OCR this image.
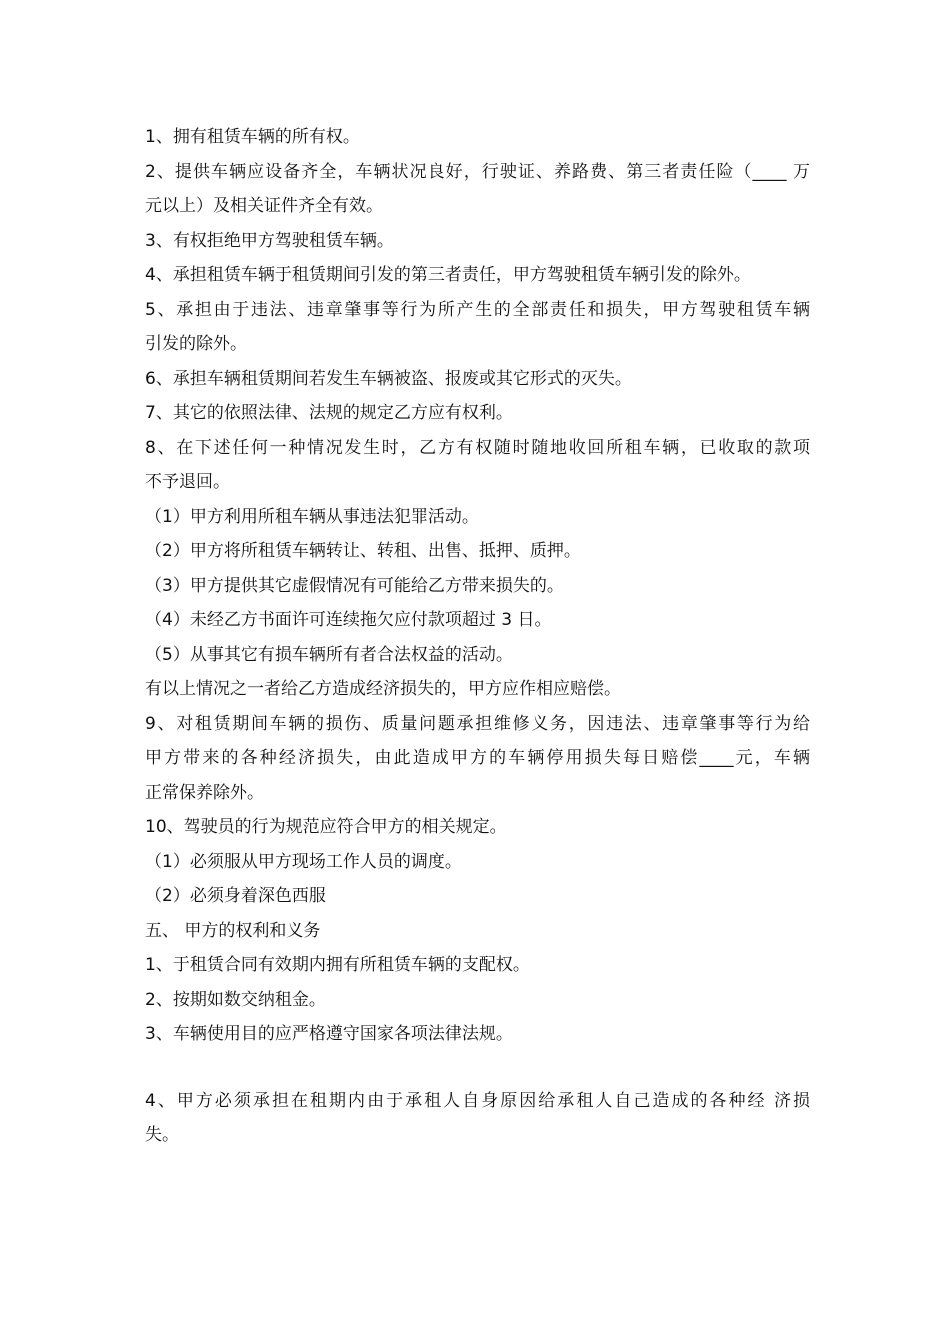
1、拥有租赁车辆的所有权。
2、提供车辆应设备齐全，车辆状况良好，行驶证、养路费、第三者责任险（____ 万
元以上）及相关证件齐全有效。
3、有权拒绝甲方驾驶租赁车辆。
4、承担租赁车辆于租赁期间引发的第三者责任，甲方驾驶租赁车辆引发的除外。
5、承担由于违法、违章肇事等行为所产生的全部责任和损失，甲方驾驶租赁车辆
引发的除外。
6、承担车辆租赁期间若发生车辆被盗、报废或其它形式的灭失。
7、其它的依照法律、法规的规定乙方应有权利。
8、在下述任何一种情况发生时，乙方有权随时随地收回所租车辆，已收取的款项
不予退回。
（1）甲方利用所租车辆从事违法犯罪活动。
（2）甲方将所租赁车辆转让、转租、出售、抵押、质押。
（3）甲方提供其它虚假情况有可能给乙方带来损失的。
（4）未经乙方书面许可连续拖欠应付款项超过 3 日。
（5）从事其它有损车辆所有者合法权益的活动。
有以上情况之一者给乙方造成经济损失的，甲方应作相应赔偿。
9、对租赁期间车辆的损伤、质量问题承担维修义务，因违法、违章肇事等行为给
甲方带来的各种经济损失，由此造成甲方的车辆停用损失每日赔偿____元，车辆
正常保养除外。
10、驾驶员的行为规范应符合甲方的相关规定。
（1）必须服从甲方现场工作人员的调度。
（2）必须身着深色西服
五、 甲方的权利和义务
1、于租赁合同有效期内拥有所租赁车辆的支配权。
2、按期如数交纳租金。
3、车辆使用目的应严格遵守国家各项法律法规。
4、甲方必须承担在租期内由于承租人自身原因给承租人自己造成的各种经 济损
失。
